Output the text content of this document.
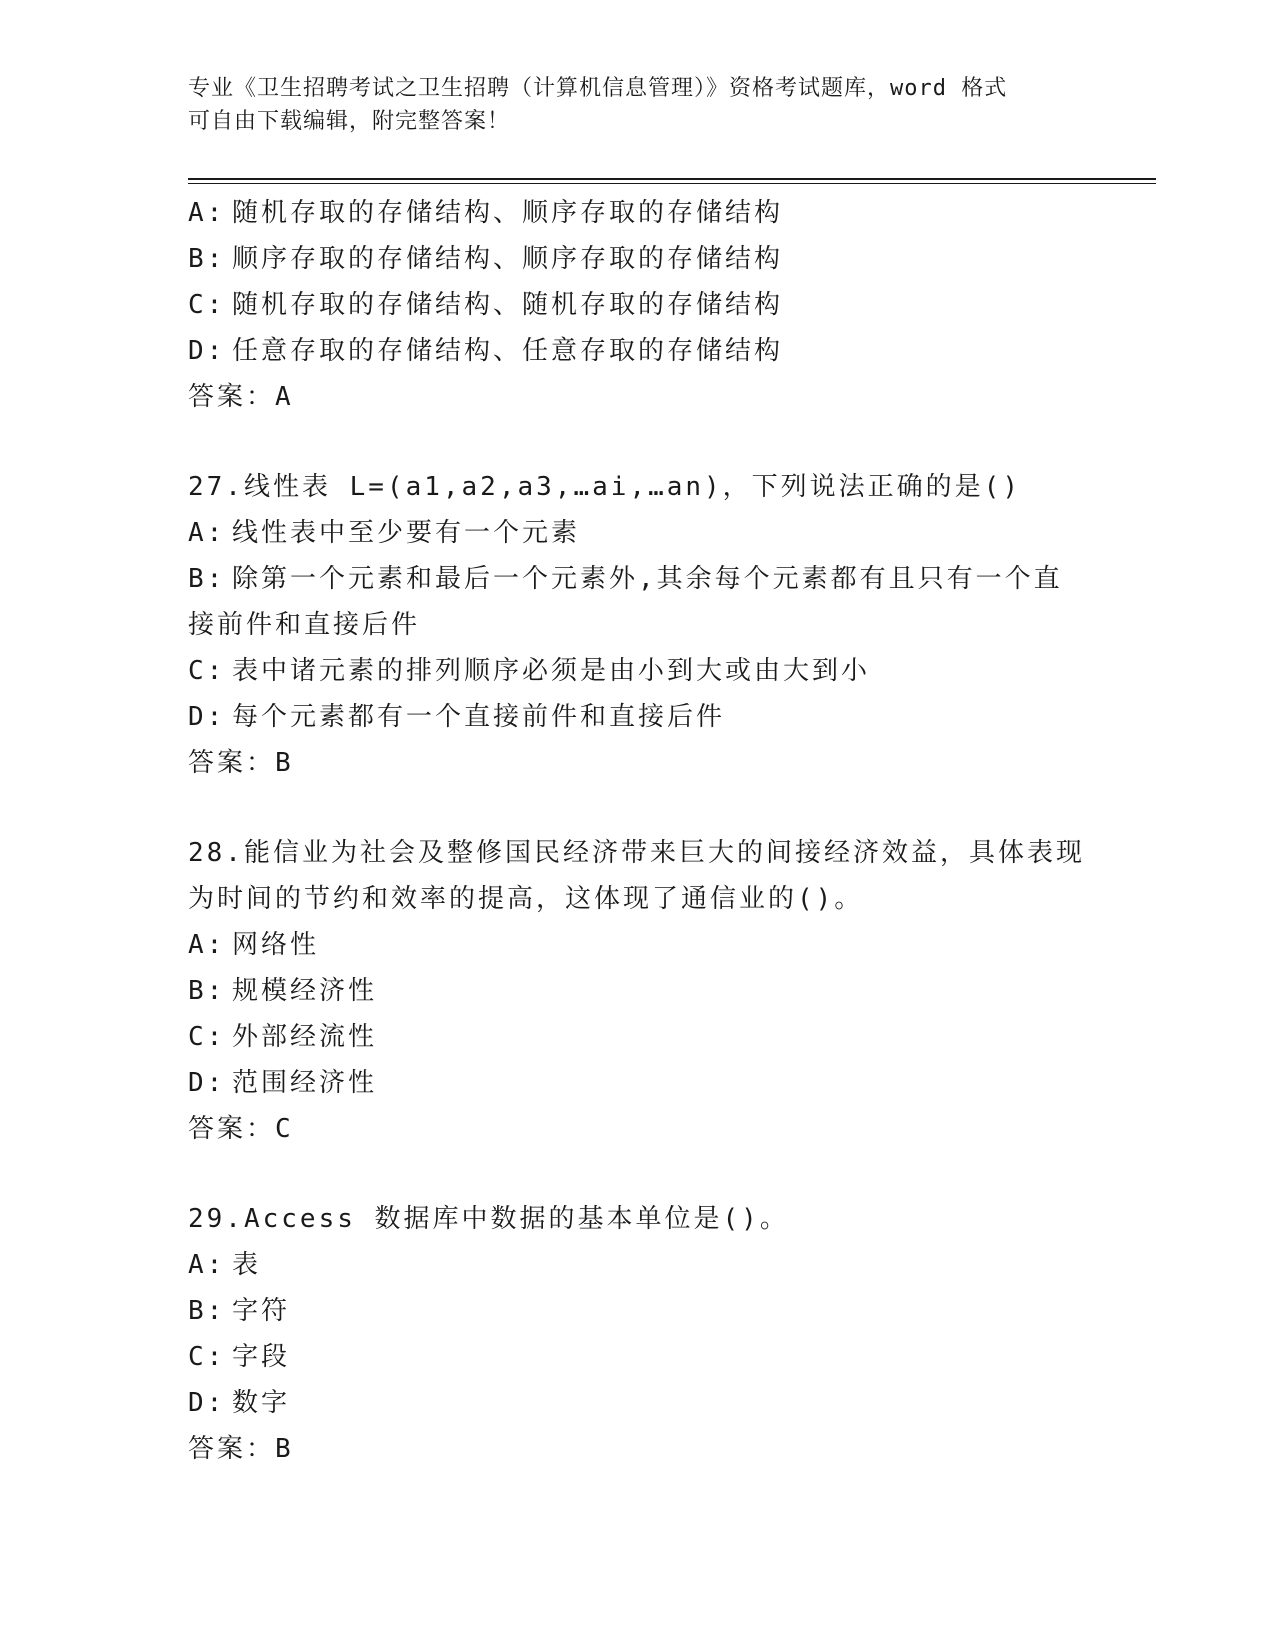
专业《卫生招聘考试之卫生招聘（计算机信息管理）》资格考试题库，word 格式
可自由下载编辑，附完整答案！
A: 随机存取的存储结构、顺序存取的存储结构
B: 顺序存取的存储结构、顺序存取的存储结构
C: 随机存取的存储结构、随机存取的存储结构
D: 任意存取的存储结构、任意存取的存储结构
答案：A
27.线性表 L=(a1,a2,a3,…ai,…an)，下列说法正确的是()
A: 线性表中至少要有一个元素
B: 除第一个元素和最后一个元素外,其余每个元素都有且只有一个直
接前件和直接后件
C: 表中诸元素的排列顺序必须是由小到大或由大到小
D: 每个元素都有一个直接前件和直接后件
答案：B
28.能信业为社会及整修国民经济带来巨大的间接经济效益，具体表现
为时间的节约和效率的提高，这体现了通信业的()。
A: 网络性
B: 规模经济性
C: 外部经流性
D: 范围经济性
答案：C
29.Access 数据库中数据的基本单位是()。
A: 表
B: 字符
C: 字段
D: 数字
答案：B
